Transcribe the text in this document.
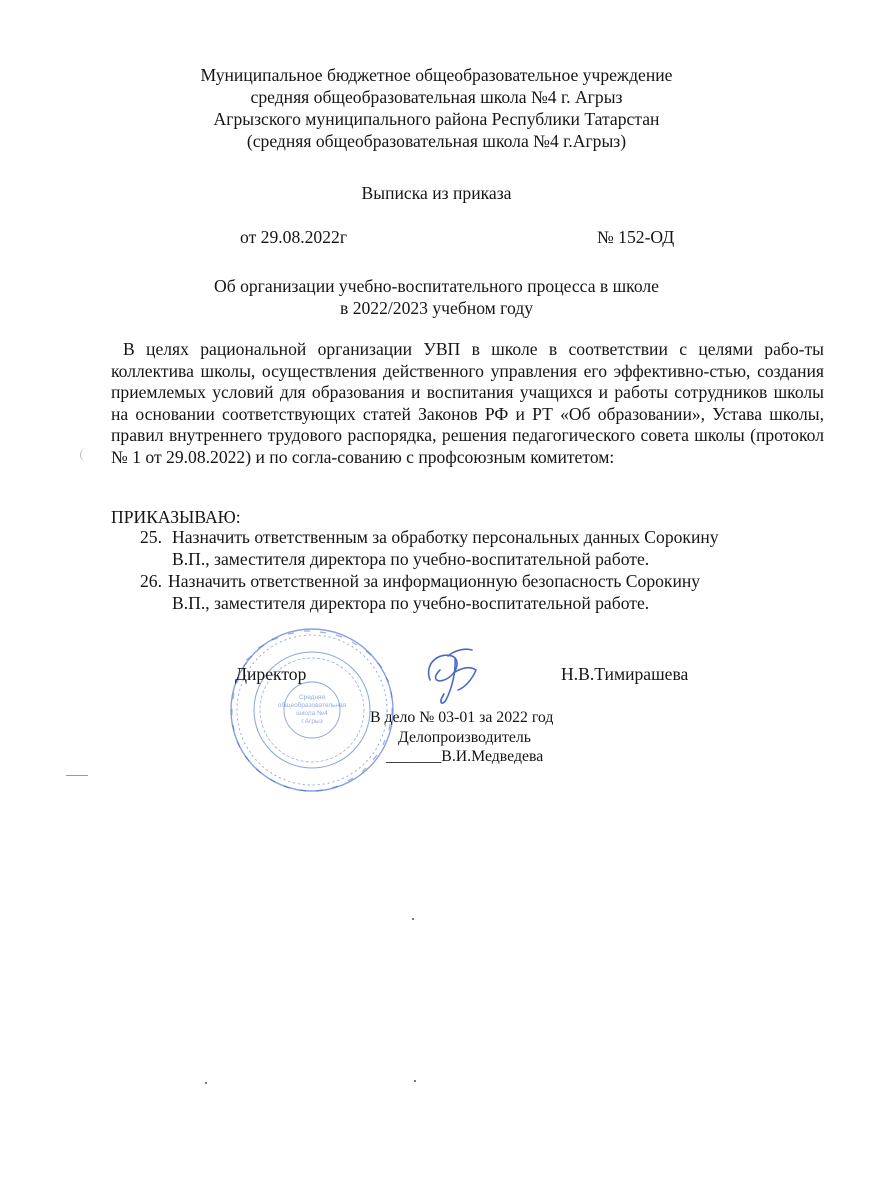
Средняя
общеобразовательная
школа №4
г.Агрыз
Муниципальное бюджетное общеобразовательное учреждение
средняя общеобразовательная школа №4 г. Агрыз
Агрызского муниципального района Республики Татарстан
(средняя общеобразовательная школа №4 г.Агрыз)
Выписка из приказа
от 29.08.2022г	№ 152-ОД
Об организации учебно-воспитательного процесса в школе
в 2022/2023 учебном году
В целях рациональной организации УВП в школе в соответствии с целями рабо-ты коллектива школы, осуществления действенного управления его эффективно-стью, создания приемлемых условий для образования и воспитания учащихся и работы сотрудников школы на основании соответствующих статей Законов РФ и РТ «Об образовании», Устава школы, правил внутреннего трудового распорядка, решения педагогического совета школы (протокол № 1 от 29.08.2022) и по согла-сованию с профсоюзным комитетом:
ПРИКАЗЫВАЮ:
25. Назначить ответственным за обработку персональных данных Сорокину
В.П., заместителя директора по учебно-воспитательной работе.
26. Назначить ответственной за информационную безопасность Сорокину
В.П., заместителя директора по учебно-воспитательной работе.
Директор	Н.В.Тимирашева
В дело № 03-01 за 2022 год
Делопроизводитель
_______В.И.Медведева
